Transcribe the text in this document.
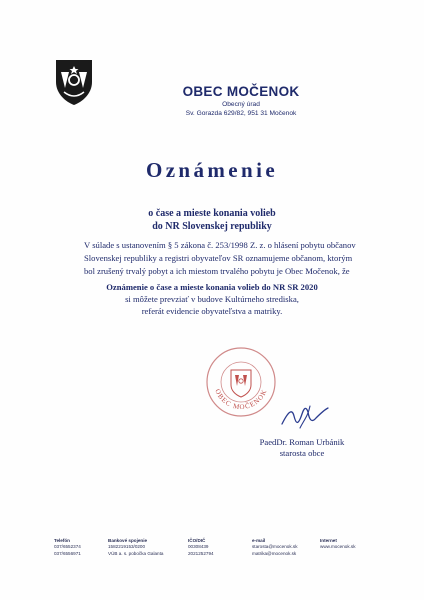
OBEC MOČENOK
Obecný úrad
Sv. Gorazda 629/82, 951 31 Močenok
Oznámenie
o čase a mieste konania volieb
do NR Slovenskej republiky
V súlade s ustanovením § 5 zákona č. 253/1998 Z. z. o hlásení pobytu občanov
Slovenskej republiky a registri obyvateľov SR oznamujeme občanom, ktorým
bol zrušený trvalý pobyt a ich miestom trvalého pobytu je Obec Močenok, že
Oznámenie o čase a mieste konania volieb do NR SR 2020
si môžete prevziať v budove Kultúrneho strediska,
referát evidencie obyvateľstva a matriky.
OBEC MOČENOK
PaedDr. Roman Urbánik
starosta obce
Telefón
037/6552374
037/6556971
Bankové spojenie
1582219153/0200
VÚB a. s. pobočka Galanta
IČO/DIČ
00308439
2021252794
e-mail
starosta@mocenok.sk
matrika@mocenok.sk
Internet
www.mocenok.sk
